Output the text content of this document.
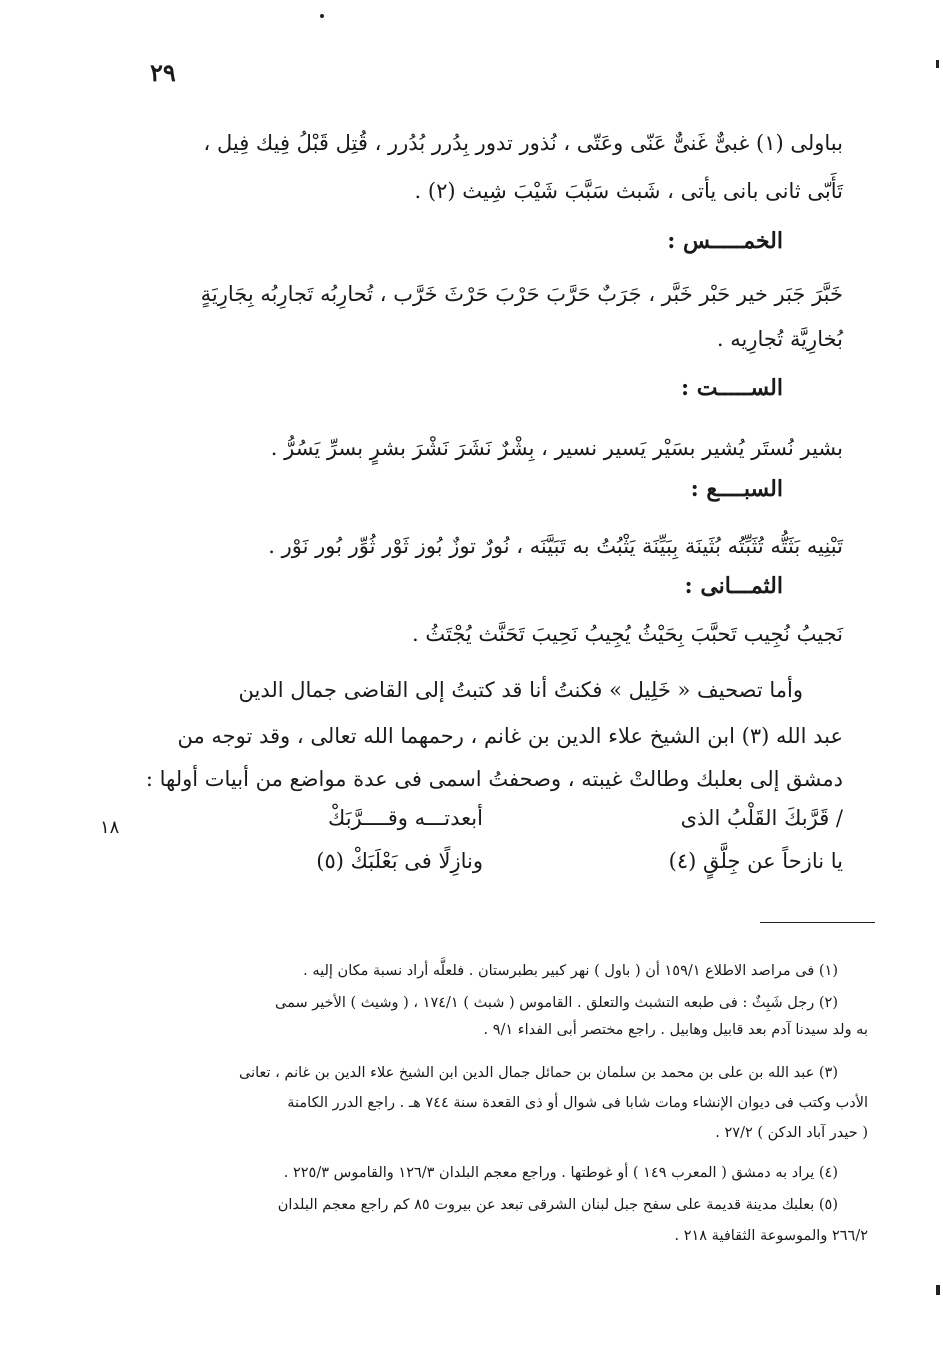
٢٩
١٨
بباولى (١) غبىٌّ غَنىٌّ عَنّى وعَتّى ، نُذور تدور بِدُرر بُدُرر ، قُتِل قَبْلُ فِيك فِيل ،
تَأَبّى ثانى بانى يأتى ، شَبث سَبَّبَ شَيْبَ شِيث (٢) .
الخمـــــس :
خَبَّرَ جَبَر خير حَبْر خَبَّر ، جَرَبٌ حَرَّبَ حَرْبَ حَرْثَ خَرَّب ، تُحارِبُه تَجارِبُه بِجَارِيَةٍ
بُخارِيَّة تُجارِيه .
الســـــت :
بشير نُستَر يُشير بسَيْر يَسير نسير ، بِشْرٌ نَشَرَ نَشْرَ بشرٍ بسرِّ يَسُرُّ .
السبــــع :
تَبْنِيه بَثَتُّه تُثَبِّتُه بُثَينَة بِبَيِّنَة يَثْبُتُ به تَبَيَّنَه ، نُورٌ توزٌ بُوز ثَوْر ثُوِّر بُور نَوْر .
الثمـــانى :
نَجيبُ نُجِيب تَحبَّبَ بِحَيْثُ يُجِيبُ نَحِيبَ تَحَنَّث يُجْتَثُ .
وأما تصحيف « خَلِيل » فكنتُ أنا قد كتبتُ إلى القاضى جمال الدين
عبد الله (٣) ابن الشيخ علاء الدين بن غانم ، رحمهما الله تعالى ، وقد توجه من
دمشق إلى بعلبك وطالتْ غيبته ، وصحفتُ اسمى فى عدة مواضع من أبيات أولها :
/ قَرَّبكَ القَلْبُ الذى
أبعدتـــه وقــــرَّبَكْ
يا نازحاً عن جِلَّقٍ (٤)
ونازِلًا فى بَعْلَبَكْ (٥)
(١) فى مراصد الاطلاع ١٥٩/١ أن ( باول ) نهر كبير بطبرستان . فلعلَّه أراد نسبة مكان إليه .
(٢) رجل شَبِثٌ : فى طبعه التشبث والتعلق . القاموس ( شبث ) ١٧٤/١ ، ( وشيث ) الأخير سمى
به ولد سيدنا آدم بعد قابيل وهابيل . راجع مختصر أبى الفداء ٩/١ .
(٣) عبد الله بن على بن محمد بن سلمان بن حمائل جمال الدين ابن الشيخ علاء الدين بن غانم ، تعانى
الأدب وكتب فى ديوان الإنشاء ومات شابا فى شوال أو ذى القعدة سنة ٧٤٤ هـ . راجع الدرر الكامنة
( حيدر آباد الدكن ) ٢٧/٢ .
(٤) يراد به دمشق ( المعرب ١٤٩ ) أو غوطتها . وراجع معجم البلدان ١٢٦/٣ والقاموس ٢٢٥/٣ .
(٥) بعلبك مدينة قديمة على سفح جبل لبنان الشرقى تبعد عن بيروت ٨٥ كم راجع معجم البلدان
٢٦٦/٢ والموسوعة الثقافية ٢١٨ .
